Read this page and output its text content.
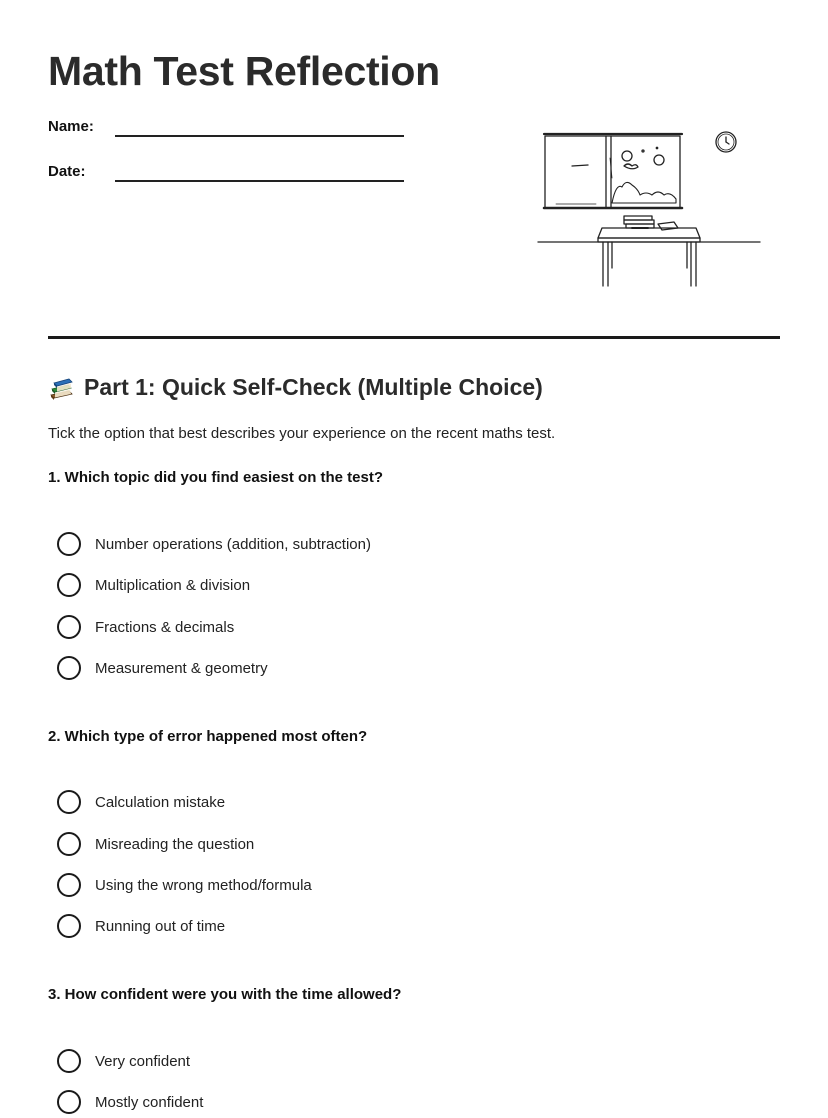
Math Test Reflection
Name:
Date:
Part 1: Quick Self-Check (Multiple Choice)

Tick the option that best describes your experience on the recent maths test.

1. Which topic did you find easiest on the test?

Number operations (addition, subtraction)
Multiplication & division
Fractions & decimals
Measurement & geometry

2. Which type of error happened most often?

Calculation mistake
Misreading the question
Using the wrong method/formula
Running out of time

3. How confident were you with the time allowed?

Very confident
Mostly confident
